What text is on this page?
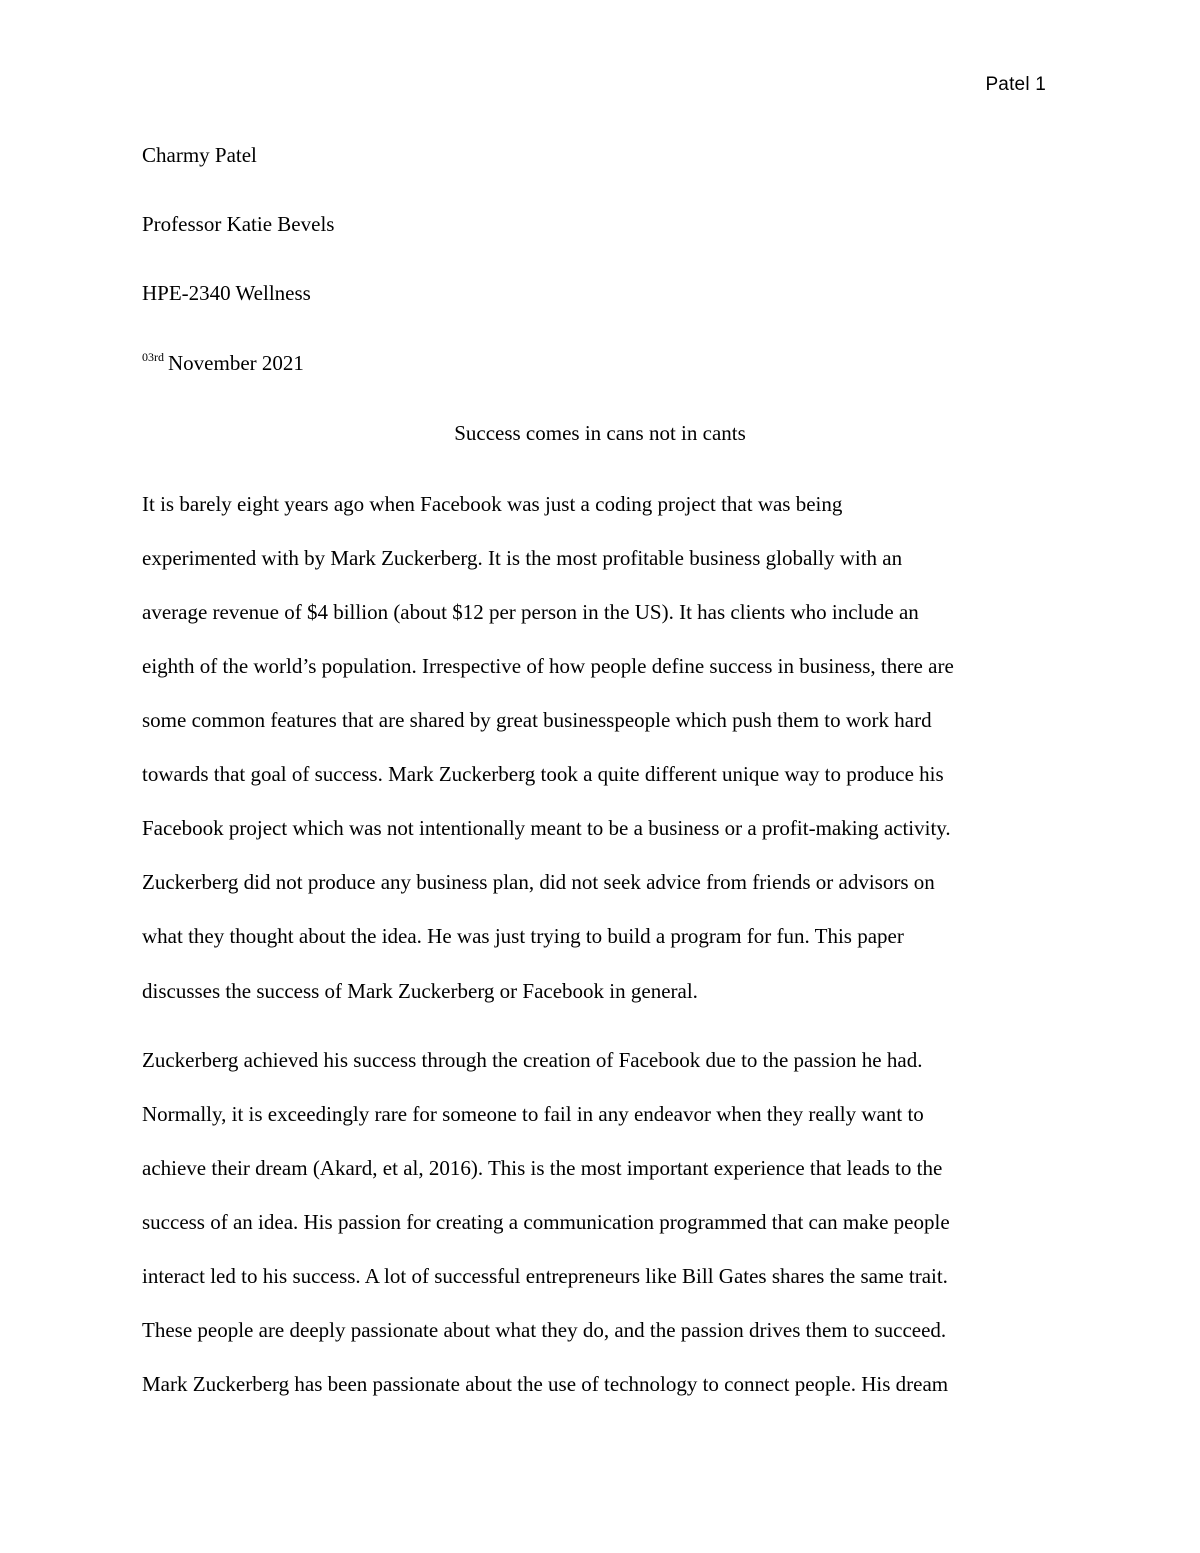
Patel 1
Charmy Patel
Professor Katie Bevels
HPE-2340 Wellness
$^{03rd}$ November 2021
Success comes in cans not in cants
It is barely eight years ago when Facebook was just a coding project that was being
experimented with by Mark Zuckerberg. It is the most profitable business globally with an
average revenue of $4 billion (about $12 per person in the US). It has clients who include an
eighth of the world’s population. Irrespective of how people define success in business, there are
some common features that are shared by great businesspeople which push them to work hard
towards that goal of success. Mark Zuckerberg took a quite different unique way to produce his
Facebook project which was not intentionally meant to be a business or a profit-making activity.
Zuckerberg did not produce any business plan, did not seek advice from friends or advisors on
what they thought about the idea. He was just trying to build a program for fun. This paper
discusses the success of Mark Zuckerberg or Facebook in general.
Zuckerberg achieved his success through the creation of Facebook due to the passion he had.
Normally, it is exceedingly rare for someone to fail in any endeavor when they really want to
achieve their dream (Akard, et al, 2016). This is the most important experience that leads to the
success of an idea. His passion for creating a communication programmed that can make people
interact led to his success. A lot of successful entrepreneurs like Bill Gates shares the same trait.
These people are deeply passionate about what they do, and the passion drives them to succeed.
Mark Zuckerberg has been passionate about the use of technology to connect people. His dream
